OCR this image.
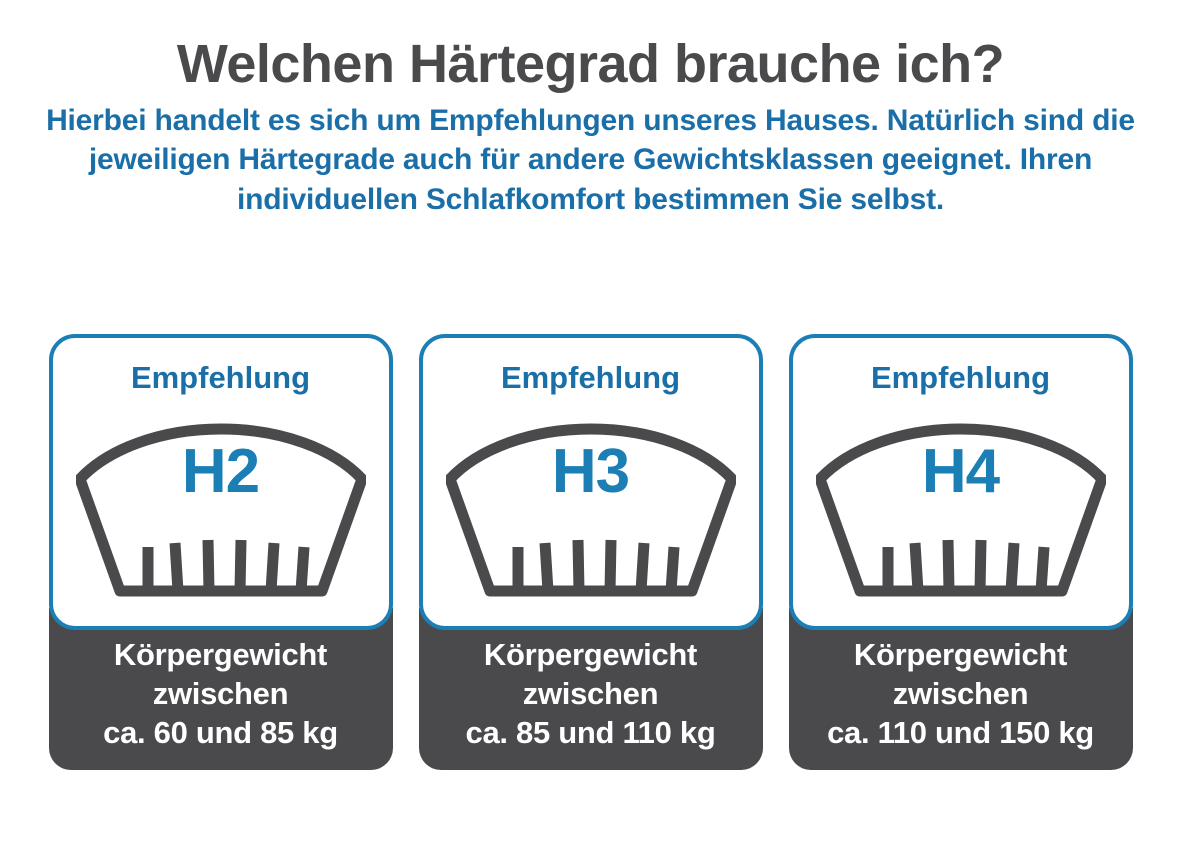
Welchen Härtegrad brauche ich?

Hierbei handelt es sich um Empfehlungen unseres Hauses. Natürlich sind die jeweiligen Härtegrade auch für andere Gewichtsklassen geeignet. Ihren individuellen Schlafkomfort bestimmen Sie selbst.

Empfehlung
H2
Körpergewicht
zwischen
ca. 60 und 85 kg
Empfehlung
H3
Körpergewicht
zwischen
ca. 85 und 110 kg
Empfehlung
H4
Körpergewicht
zwischen
ca. 110 und 150 kg
